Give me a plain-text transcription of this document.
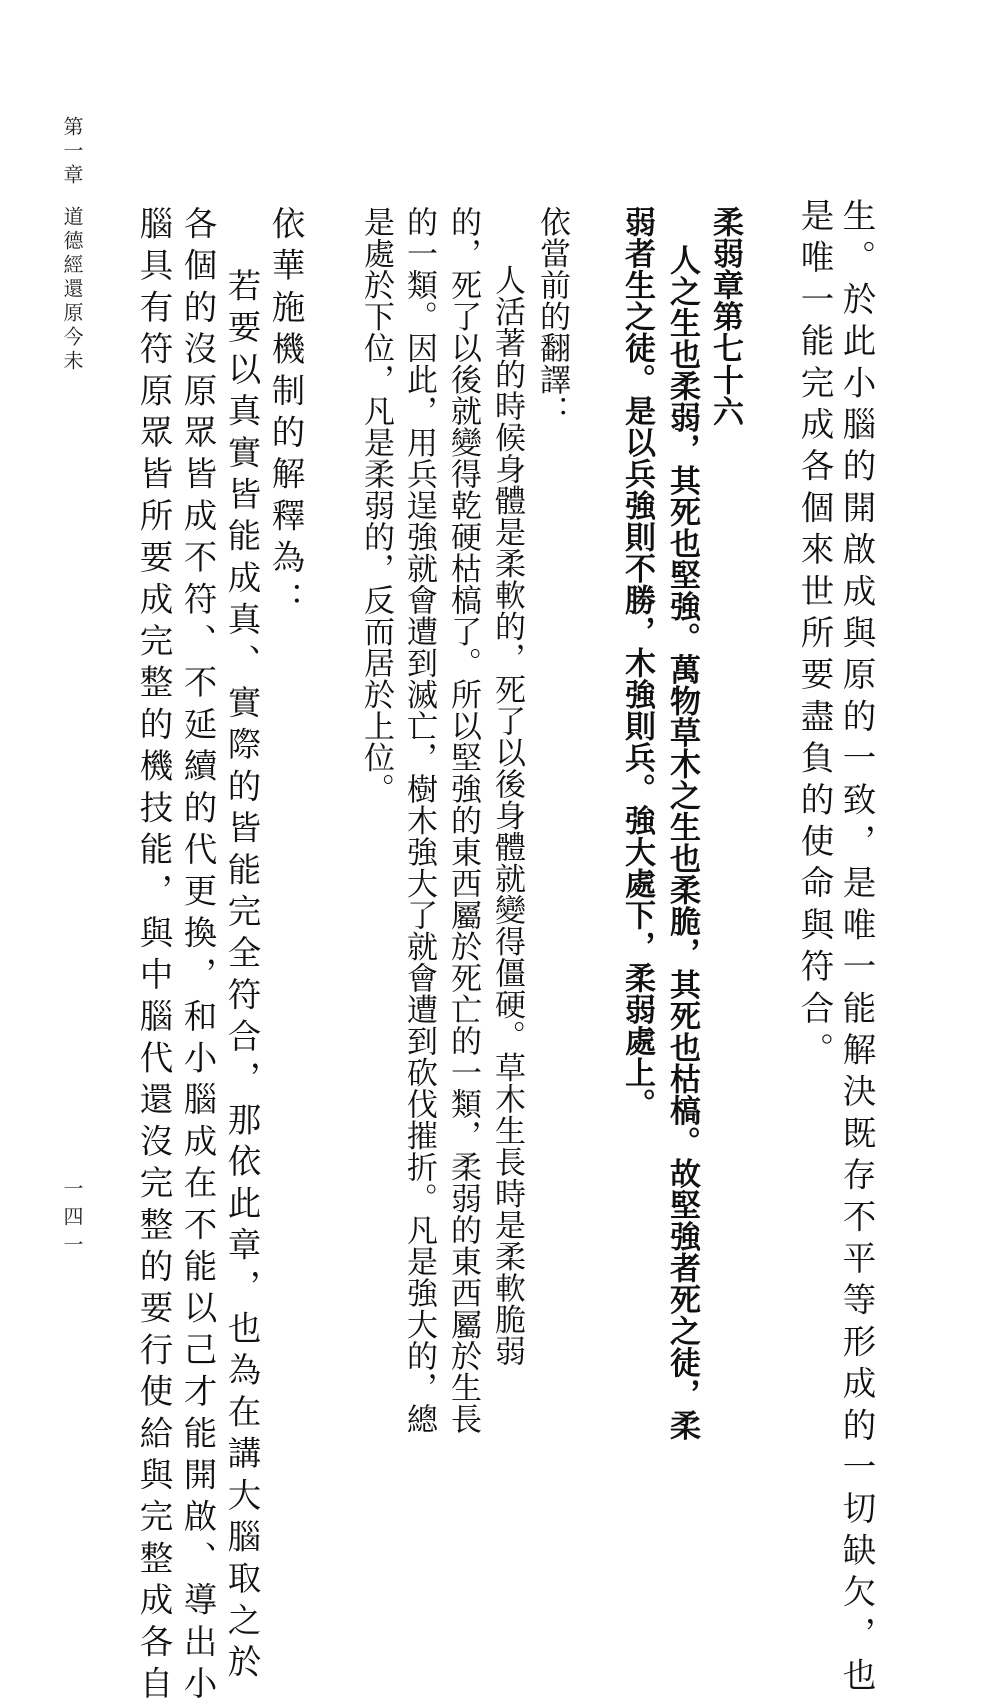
生。於此小腦的開啟成與原的一致，是唯一能解決既存不平等形成的一切缺欠，也
是唯一能完成各個來世所要盡負的使命與符合。
柔弱章第七十六
人之生也柔弱，其死也堅強。萬物草木之生也柔脆，其死也枯槁。故堅強者死之徒，柔
弱者生之徒。是以兵強則不勝，木強則兵。強大處下，柔弱處上。
依當前的翻譯：
人活著的時候身體是柔軟的，死了以後身體就變得僵硬。草木生長時是柔軟脆弱
的，死了以後就變得乾硬枯槁了。所以堅強的東西屬於死亡的一類，柔弱的東西屬於生長
的一類。因此，用兵逞強就會遭到滅亡，樹木強大了就會遭到砍伐摧折。凡是強大的，總
是處於下位，凡是柔弱的，反而居於上位。
依華施機制的解釋為：
若要以真實皆能成真、實際的皆能完全符合，那依此章，也為在講大腦取之於
各個的沒原眾皆成不符、不延續的代更換，和小腦成在不能以己才能開啟、導出小
腦具有符原眾皆所要成完整的機技能，與中腦代還沒完整的要行使給與完整成各自
第一章
道德經還原今未
一四一
